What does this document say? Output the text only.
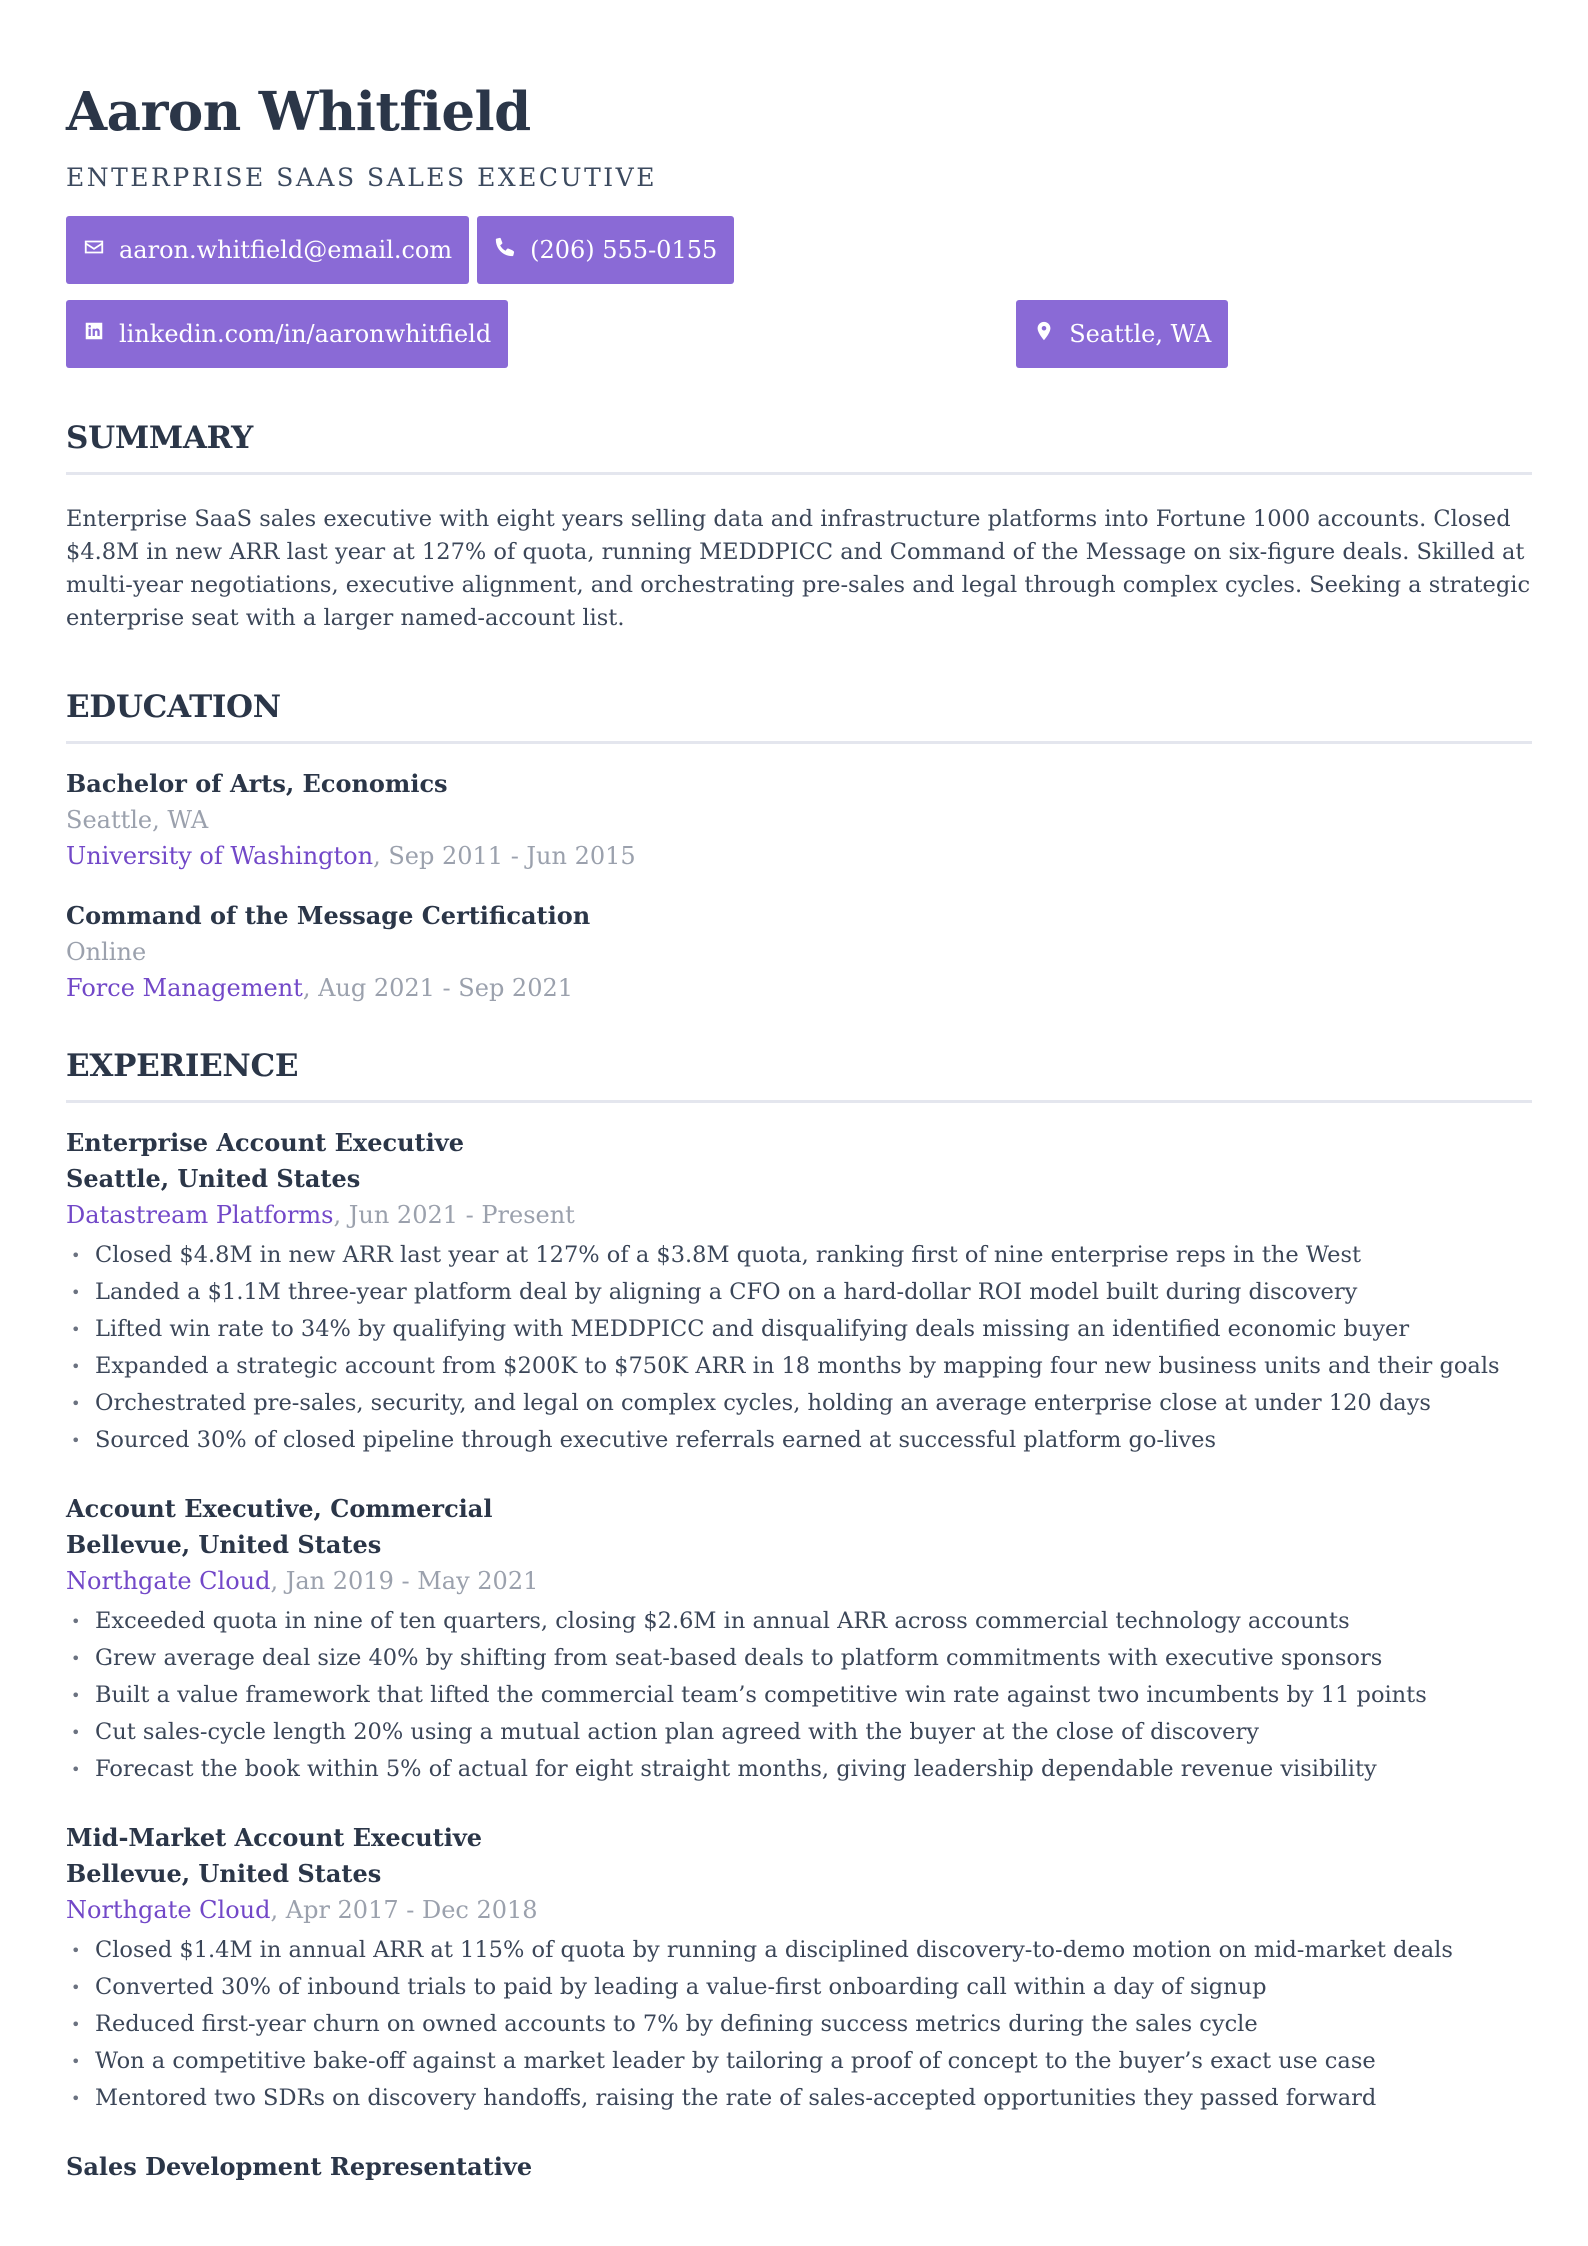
Aaron Whitfield
ENTERPRISE SAAS SALES EXECUTIVE
aaron.whitfield@email.com	(206) 555-0155
linkedin.com/in/aaronwhitfield	Seattle, WA
SUMMARY
Enterprise SaaS sales executive with eight years selling data and infrastructure platforms into Fortune 1000 accounts. Closed $4.8M in new ARR last year at 127% of quota, running MEDDPICC and Command of the Message on six-figure deals. Skilled at multi-year negotiations, executive alignment, and orchestrating pre-sales and legal through complex cycles. Seeking a strategic enterprise seat with a larger named-account list.
EDUCATION
Bachelor of Arts, Economics
Seattle, WA
University of Washington, Sep 2011 - Jun 2015
Command of the Message Certification
Online
Force Management, Aug 2021 - Sep 2021
EXPERIENCE
Enterprise Account Executive
Seattle, United States
Datastream Platforms, Jun 2021 - Present
• Closed $4.8M in new ARR last year at 127% of a $3.8M quota, ranking first of nine enterprise reps in the West
• Landed a $1.1M three-year platform deal by aligning a CFO on a hard-dollar ROI model built during discovery
• Lifted win rate to 34% by qualifying with MEDDPICC and disqualifying deals missing an identified economic buyer
• Expanded a strategic account from $200K to $750K ARR in 18 months by mapping four new business units and their goals
• Orchestrated pre-sales, security, and legal on complex cycles, holding an average enterprise close at under 120 days
• Sourced 30% of closed pipeline through executive referrals earned at successful platform go-lives
Account Executive, Commercial
Bellevue, United States
Northgate Cloud, Jan 2019 - May 2021
• Exceeded quota in nine of ten quarters, closing $2.6M in annual ARR across commercial technology accounts
• Grew average deal size 40% by shifting from seat-based deals to platform commitments with executive sponsors
• Built a value framework that lifted the commercial team’s competitive win rate against two incumbents by 11 points
• Cut sales-cycle length 20% using a mutual action plan agreed with the buyer at the close of discovery
• Forecast the book within 5% of actual for eight straight months, giving leadership dependable revenue visibility
Mid-Market Account Executive
Bellevue, United States
Northgate Cloud, Apr 2017 - Dec 2018
• Closed $1.4M in annual ARR at 115% of quota by running a disciplined discovery-to-demo motion on mid-market deals
• Converted 30% of inbound trials to paid by leading a value-first onboarding call within a day of signup
• Reduced first-year churn on owned accounts to 7% by defining success metrics during the sales cycle
• Won a competitive bake-off against a market leader by tailoring a proof of concept to the buyer’s exact use case
• Mentored two SDRs on discovery handoffs, raising the rate of sales-accepted opportunities they passed forward
Sales Development Representative
